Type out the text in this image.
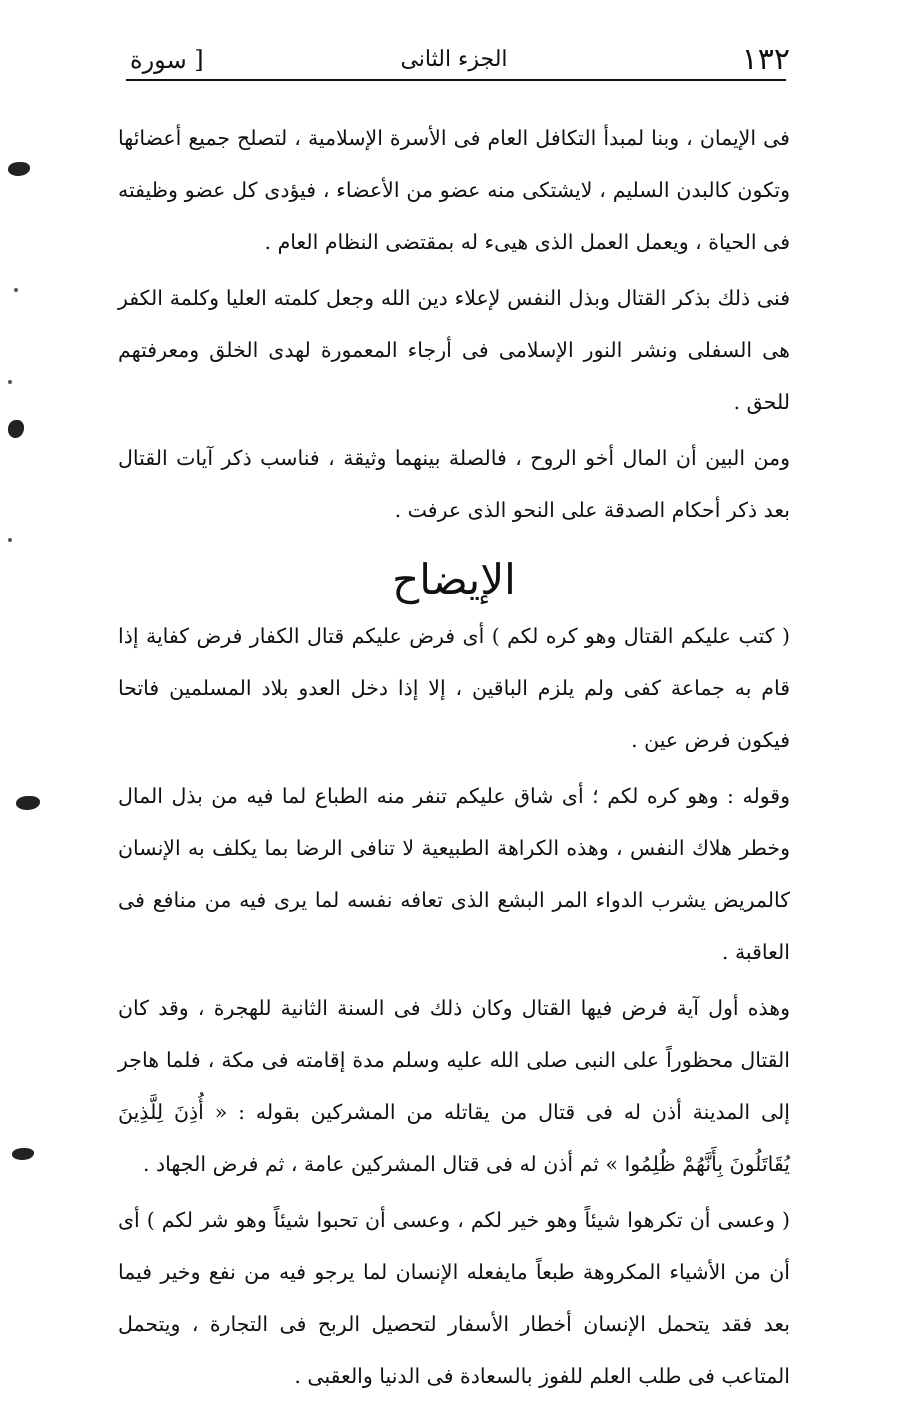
١٣٢
الجزء الثانى
[ سورة

فى الإيمان ، وبنا لمبدأ التكافل العام فى الأسرة الإسلامية ، لتصلح جميع أعضائها وتكون كالبدن السليم ، لايشتكى منه عضو من الأعضاء ، فيؤدى كل عضو وظيفته فى الحياة ، ويعمل العمل الذى هيىء له بمقتضى النظام العام .

فنى ذلك بذكر القتال وبذل النفس لإعلاء دين الله وجعل كلمته العليا وكلمة الكفر هى السفلى ونشر النور الإسلامى فى أرجاء المعمورة لهدى الخلق ومعرفتهم للحق .

ومن البين أن المال أخو الروح ، فالصلة بينهما وثيقة ، فناسب ذكر آيات القتال بعد ذكر أحكام الصدقة على النحو الذى عرفت .

الإيضاح

( كتب عليكم القتال وهو كره لكم ) أى فرض عليكم قتال الكفار فرض كفاية إذا قام به جماعة كفى ولم يلزم الباقين ، إلا إذا دخل العدو بلاد المسلمين فاتحا فيكون فرض عين .

وقوله : وهو كره لكم ؛ أى شاق عليكم تنفر منه الطباع لما فيه من بذل المال وخطر هلاك النفس ، وهذه الكراهة الطبيعية لا تنافى الرضا بما يكلف به الإنسان كالمريض يشرب الدواء المر البشع الذى تعافه نفسه لما يرى فيه من منافع فى العاقبة .

وهذه أول آية فرض فيها القتال وكان ذلك فى السنة الثانية للهجرة ، وقد كان القتال محظوراً على النبى صلى الله عليه وسلم مدة إقامته فى مكة ، فلما هاجر إلى المدينة أذن له فى قتال من يقاتله من المشركين بقوله : « أُذِنَ لِلَّذِينَ يُقَاتَلُونَ بِأَنَّهُمْ ظُلِمُوا » ثم أذن له فى قتال المشركين عامة ، ثم فرض الجهاد .

( وعسى أن تكرهوا شيئاً وهو خير لكم ، وعسى أن تحبوا شيئاً وهو شر لكم ) أى أن من الأشياء المكروهة طبعاً مايفعله الإنسان لما يرجو فيه من نفع وخير فيما بعد فقد يتحمل الإنسان أخطار الأسفار لتحصيل الربح فى التجارة ، ويتحمل المتاعب فى طلب العلم للفوز بالسعادة فى الدنيا والعقبى .
